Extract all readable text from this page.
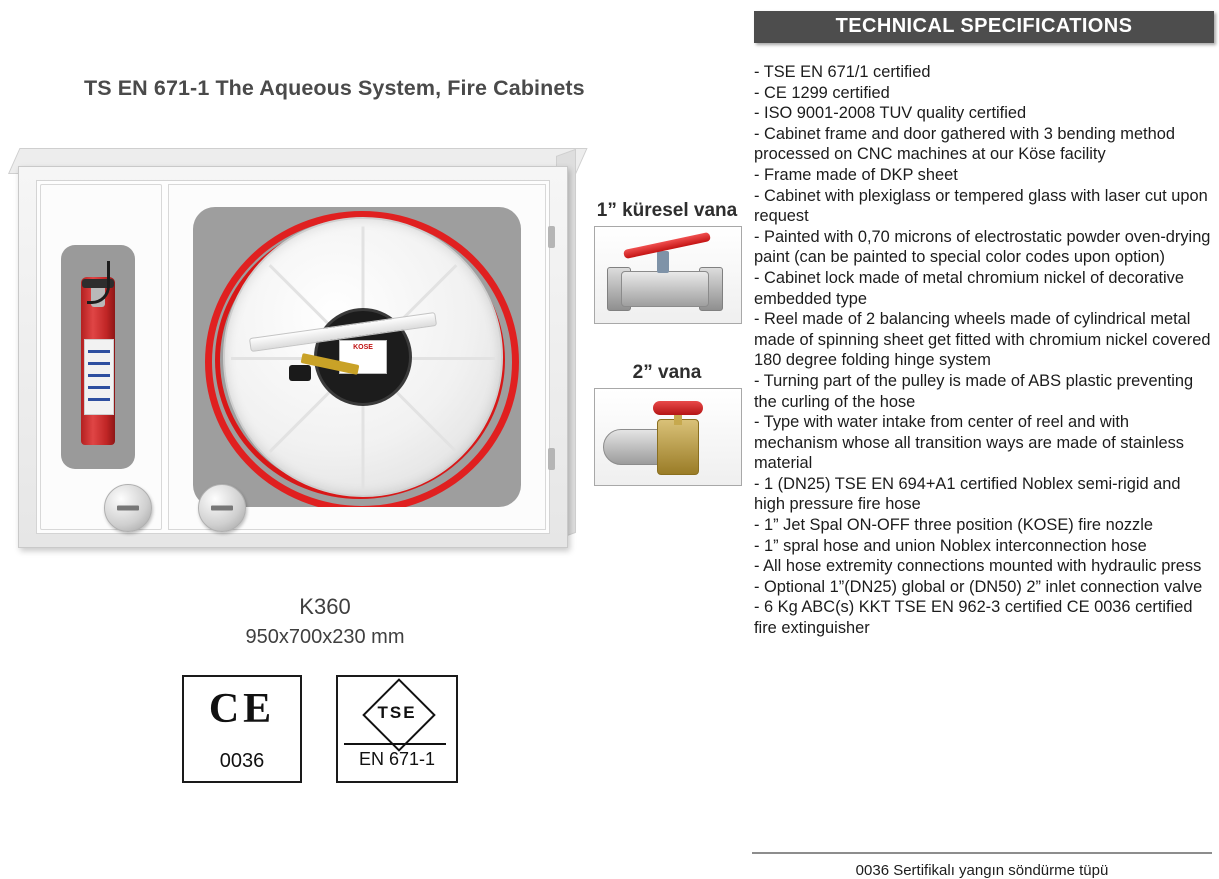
TS EN 671-1 The Aqueous System, Fire Cabinets
KOSE
K360
950x700x230 mm
CE
0036
TSE
EN 671-1
1” küresel vana
2” vana
TECHNICAL SPECIFICATIONS
- TSE EN 671/1 certified
- CE 1299 certified
- ISO 9001-2008 TUV quality certified
- Cabinet frame and door gathered with 3 bending method processed on CNC machines at our Köse facility
- Frame made of DKP sheet
- Cabinet with plexiglass or tempered glass with laser cut upon request
- Painted with 0,70 microns of electrostatic powder oven-drying paint (can be painted to special color codes upon option)
- Cabinet lock made of metal chromium nickel of decorative embedded type
- Reel made of 2 balancing wheels made of cylindrical metal made of spinning sheet get fitted with chromium nickel covered 180 degree folding hinge system
- Turning part of the pulley is made of ABS plastic preventing the curling of the hose
- Type with water intake from center of reel and with mechanism whose all transition ways are made of stainless material
- 1 (DN25) TSE EN 694+A1 certified Noblex semi-rigid and high pressure fire hose
- 1” Jet Spal ON-OFF three position (KOSE) fire nozzle
- 1” spral hose and union Noblex interconnection hose
- All hose extremity connections mounted with hydraulic press
- Optional 1”(DN25) global or (DN50) 2” inlet connection valve
- 6 Kg ABC(s) KKT TSE EN 962-3 certified CE 0036 certified fire extinguisher
0036 Sertifikalı yangın söndürme tüpü
